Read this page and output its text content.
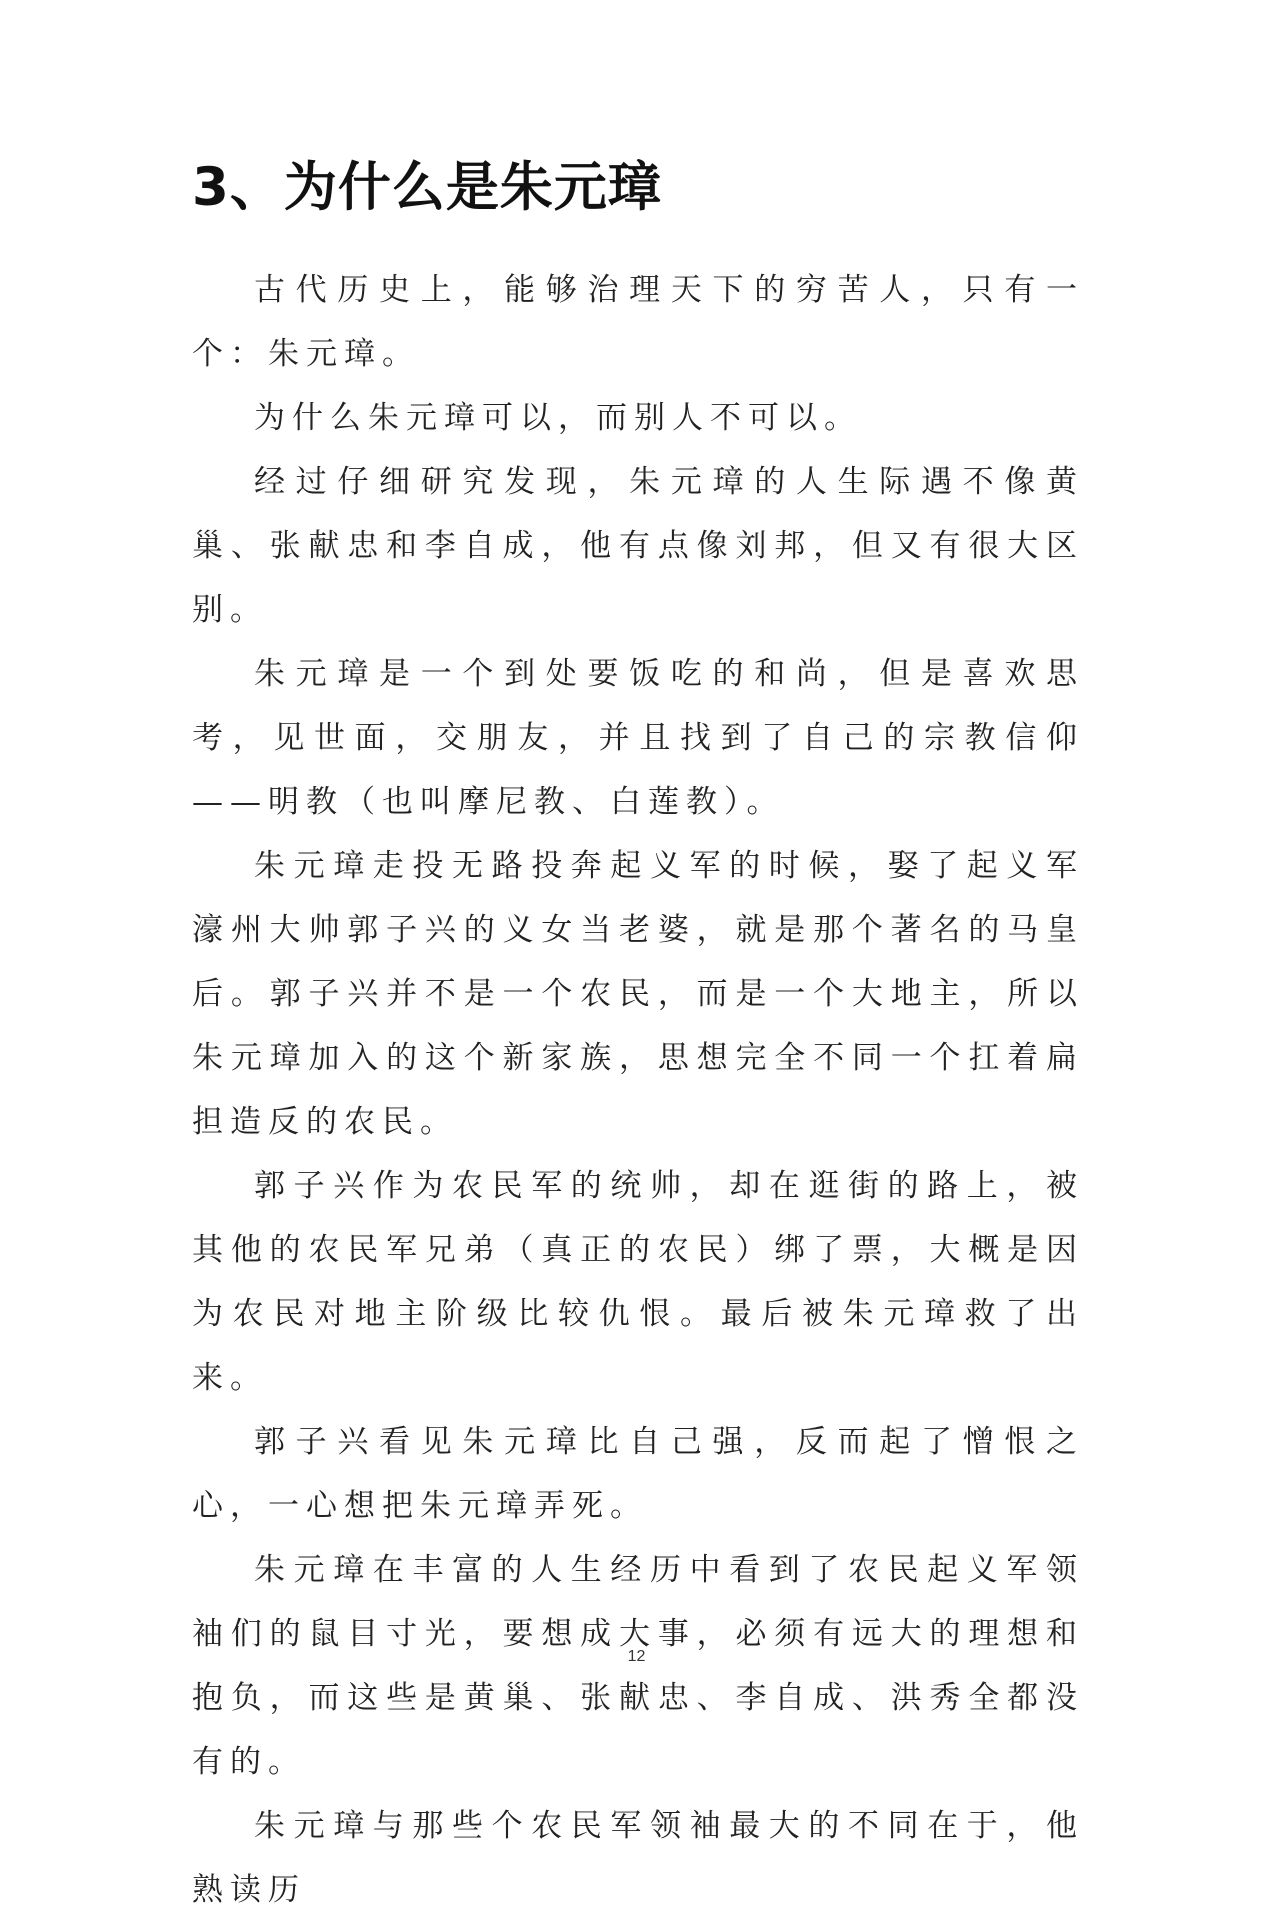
3、为什么是朱元璋

古代历史上，能够治理天下的穷苦人，只有一个：朱元璋。

为什么朱元璋可以，而别人不可以。

经过仔细研究发现，朱元璋的人生际遇不像黄巢、张献忠和李自成，他有点像刘邦，但又有很大区别。

朱元璋是一个到处要饭吃的和尚，但是喜欢思考，见世面，交朋友，并且找到了自己的宗教信仰——明教（也叫摩尼教、白莲教）。

朱元璋走投无路投奔起义军的时候，娶了起义军濠州大帅郭子兴的义女当老婆，就是那个著名的马皇后。郭子兴并不是一个农民，而是一个大地主，所以朱元璋加入的这个新家族，思想完全不同一个扛着扁担造反的农民。

郭子兴作为农民军的统帅，却在逛街的路上，被其他的农民军兄弟（真正的农民）绑了票，大概是因为农民对地主阶级比较仇恨。最后被朱元璋救了出来。

郭子兴看见朱元璋比自己强，反而起了憎恨之心，一心想把朱元璋弄死。

朱元璋在丰富的人生经历中看到了农民起义军领袖们的鼠目寸光，要想成大事，必须有远大的理想和抱负，而这些是黄巢、张献忠、李自成、洪秀全都没有的。

朱元璋与那些个农民军领袖最大的不同在于，他熟读历

12
